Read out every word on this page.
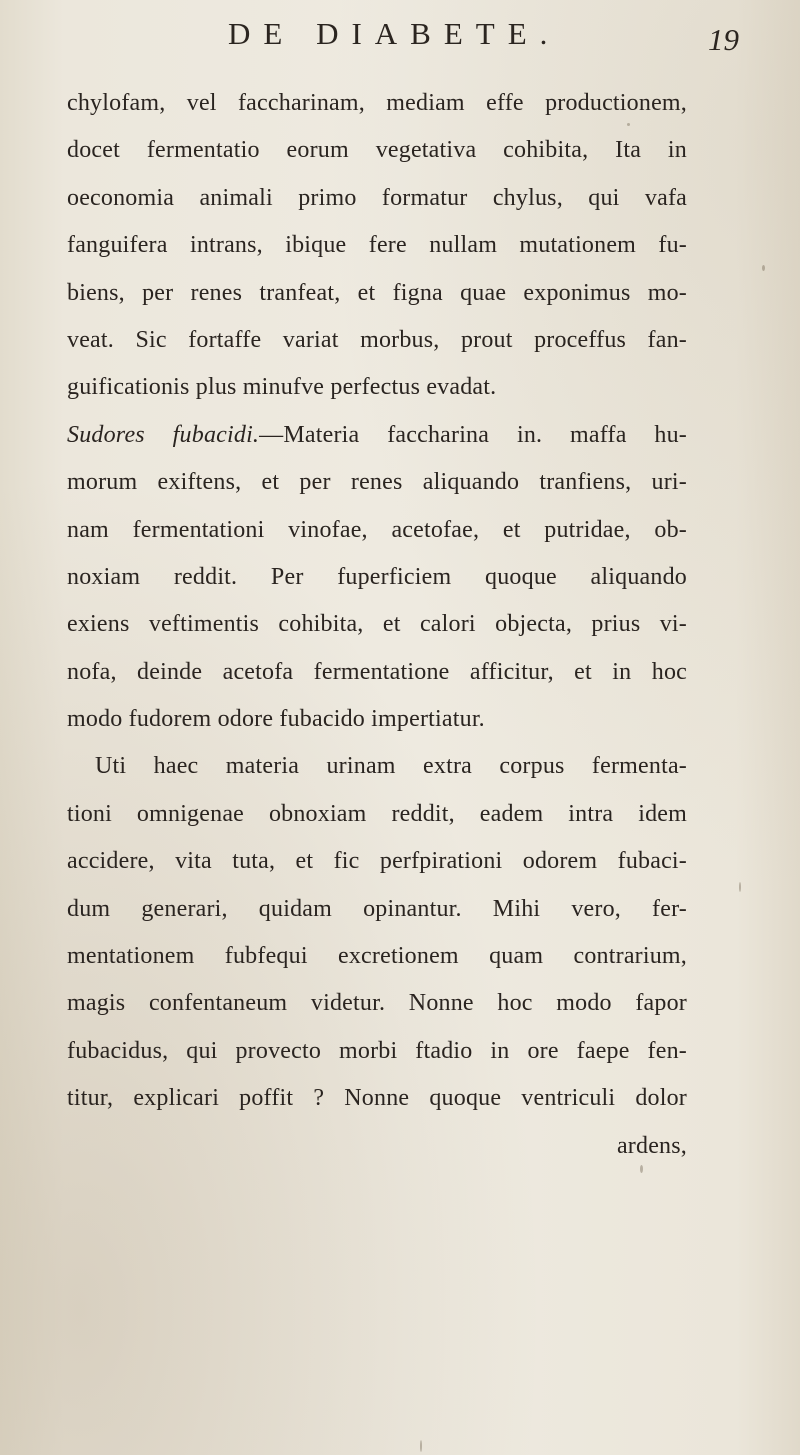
DE DIABETE.	19
chylofam, vel faccharinam, mediam effe productionem,
docet fermentatio eorum vegetativa cohibita, Ita in
oeconomia animali primo formatur chylus, qui vafa
fanguifera intrans, ibique fere nullam mutationem fu-
biens, per renes tranfeat, et figna quae exponimus mo-
veat. Sic fortaffe variat morbus, prout proceffus fan-
guificationis plus minufve perfectus evadat.
Sudores fubacidi.—Materia faccharina in. maffa hu-
morum exiftens, et per renes aliquando tranfiens, uri-
nam fermentationi vinofae, acetofae, et putridae, ob-
noxiam reddit. Per fuperficiem quoque aliquando
exiens veftimentis cohibita, et calori objecta, prius vi-
nofa, deinde acetofa fermentatione afficitur, et in hoc
modo fudorem odore fubacido impertiatur.
Uti haec materia urinam extra corpus fermenta-
tioni omnigenae obnoxiam reddit, eadem intra idem
accidere, vita tuta, et fic perfpirationi odorem fubaci-
dum generari, quidam opinantur. Mihi vero, fer-
mentationem fubfequi excretionem quam contrarium,
magis confentaneum videtur. Nonne hoc modo fapor
fubacidus, qui provecto morbi ftadio in ore faepe fen-
titur, explicari poffit ? Nonne quoque ventriculi dolor
ardens,
